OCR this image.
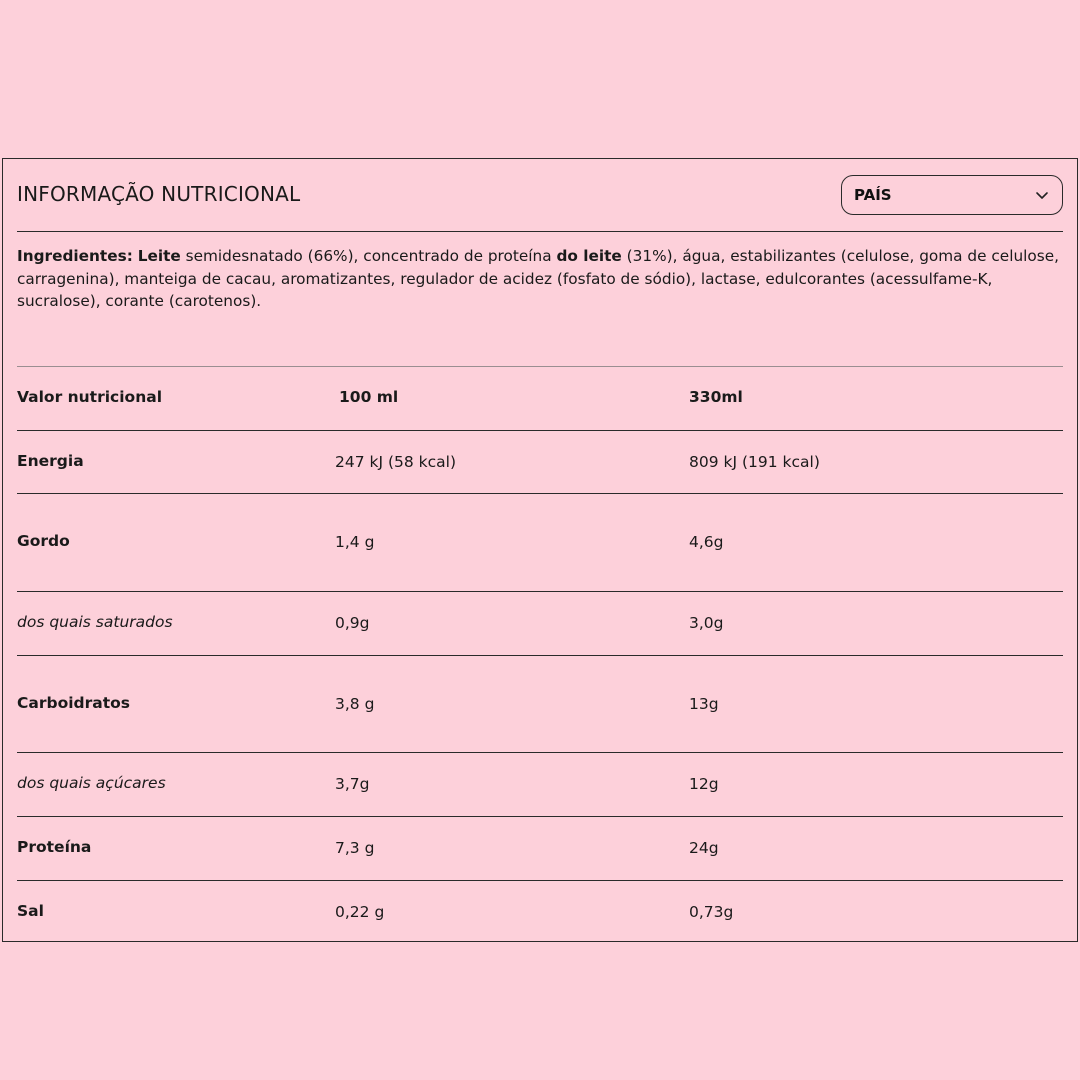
INFORMAÇÃO NUTRICIONAL	PAÍS
Ingredientes: Leite semidesnatado (66%), concentrado de proteína do leite (31%), água, estabilizantes (celulose, goma de celulose, carragenina), manteiga de cacau, aromatizantes, regulador de acidez (fosfato de sódio), lactase, edulcorantes (acessulfame-K, sucralose), corante (carotenos).
Valor nutricional	100 ml	330ml
Energia	247 kJ (58 kcal)	809 kJ (191 kcal)
Gordo	1,4 g	4,6g
dos quais saturados	0,9g	3,0g
Carboidratos	3,8 g	13g
dos quais açúcares	3,7g	12g
Proteína	7,3 g	24g
Sal	0,22 g	0,73g
